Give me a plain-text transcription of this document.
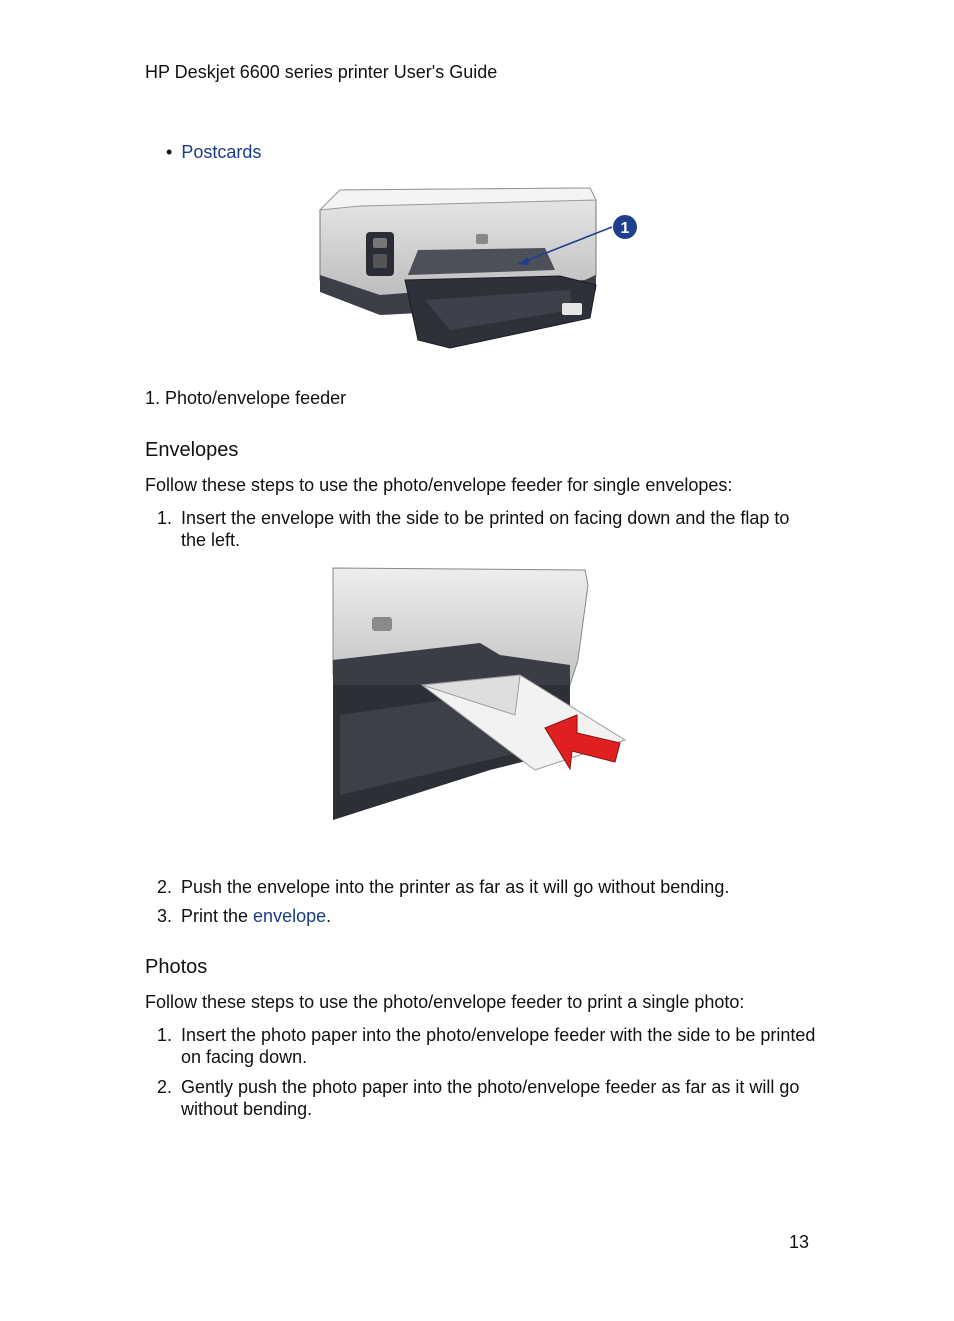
HP Deskjet 6600 series printer User's Guide
• Postcards
1
1. Photo/envelope feeder
Envelopes
Follow these steps to use the photo/envelope feeder for single envelopes:
1. Insert the envelope with the side to be printed on facing down and the flap to the left.
2. Push the envelope into the printer as far as it will go without bending.
3. Print the envelope.
Photos
Follow these steps to use the photo/envelope feeder to print a single photo:
1. Insert the photo paper into the photo/envelope feeder with the side to be printed on facing down.
2. Gently push the photo paper into the photo/envelope feeder as far as it will go without bending.
13
